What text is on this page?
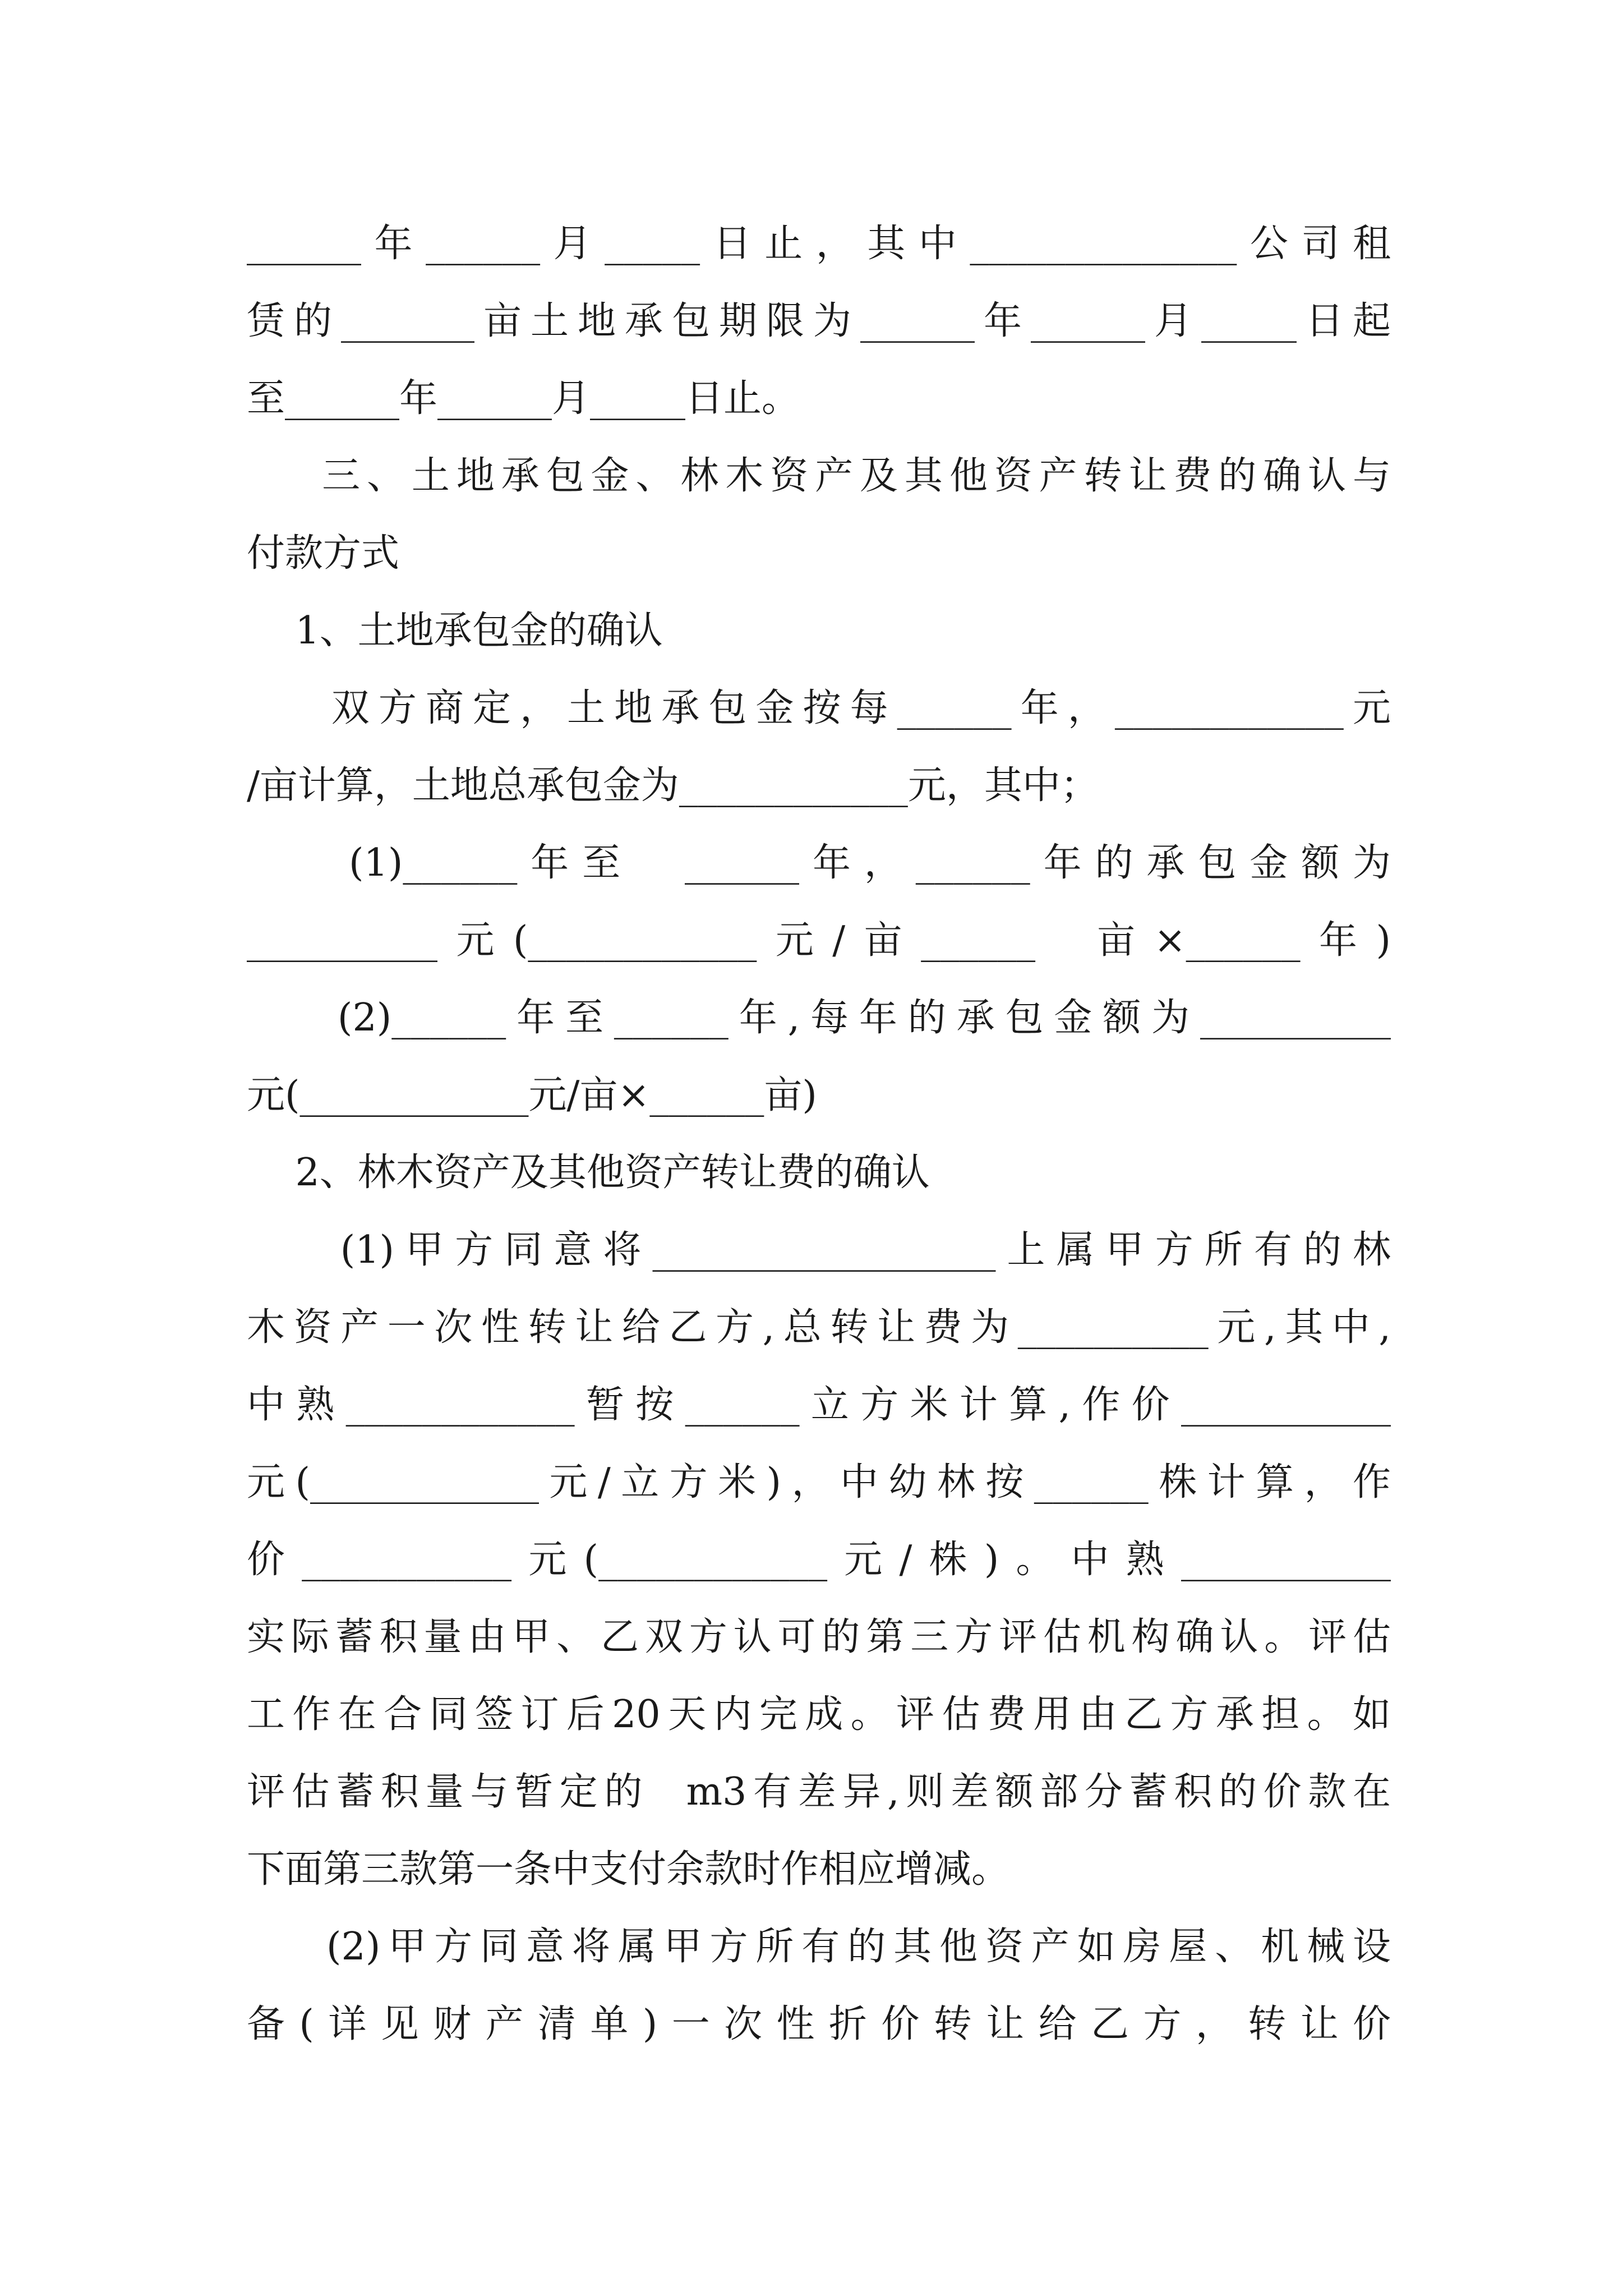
______年______月_____日止，其中______________公司租
赁的_______亩土地承包期限为______年______月_____日起
至______年______月_____日止。
三、土地承包金、林木资产及其他资产转让费的确认与
付款方式
1、土地承包金的确认
双方商定，土地承包金按每______年，____________元
/亩计算，土地总承包金为____________元，其中；
(1)______年至  ______年，______年的承包金额为
__________元(____________元/亩______  亩×______年)
(2)______年至______年,每年的承包金额为__________
元(____________元/亩×______亩)
2、林木资产及其他资产转让费的确认
(1)甲方同意将__________________上属甲方所有的林
木资产一次性转让给乙方,总转让费为__________元,其中,
中熟____________暂按______立方米计算,作价___________
元(____________元/立方米)，中幼林按______株计算，作
价___________元(____________元/株)。中熟___________
实际蓄积量由甲、乙双方认可的第三方评估机构确认。评估
工作在合同签订后20天内完成。评估费用由乙方承担。如
评估蓄积量与暂定的  m3有差异,则差额部分蓄积的价款在
下面第三款第一条中支付余款时作相应增减。
(2)甲方同意将属甲方所有的其他资产如房屋、机械设
备(详见财产清单)一次性折价转让给乙方，转让价
